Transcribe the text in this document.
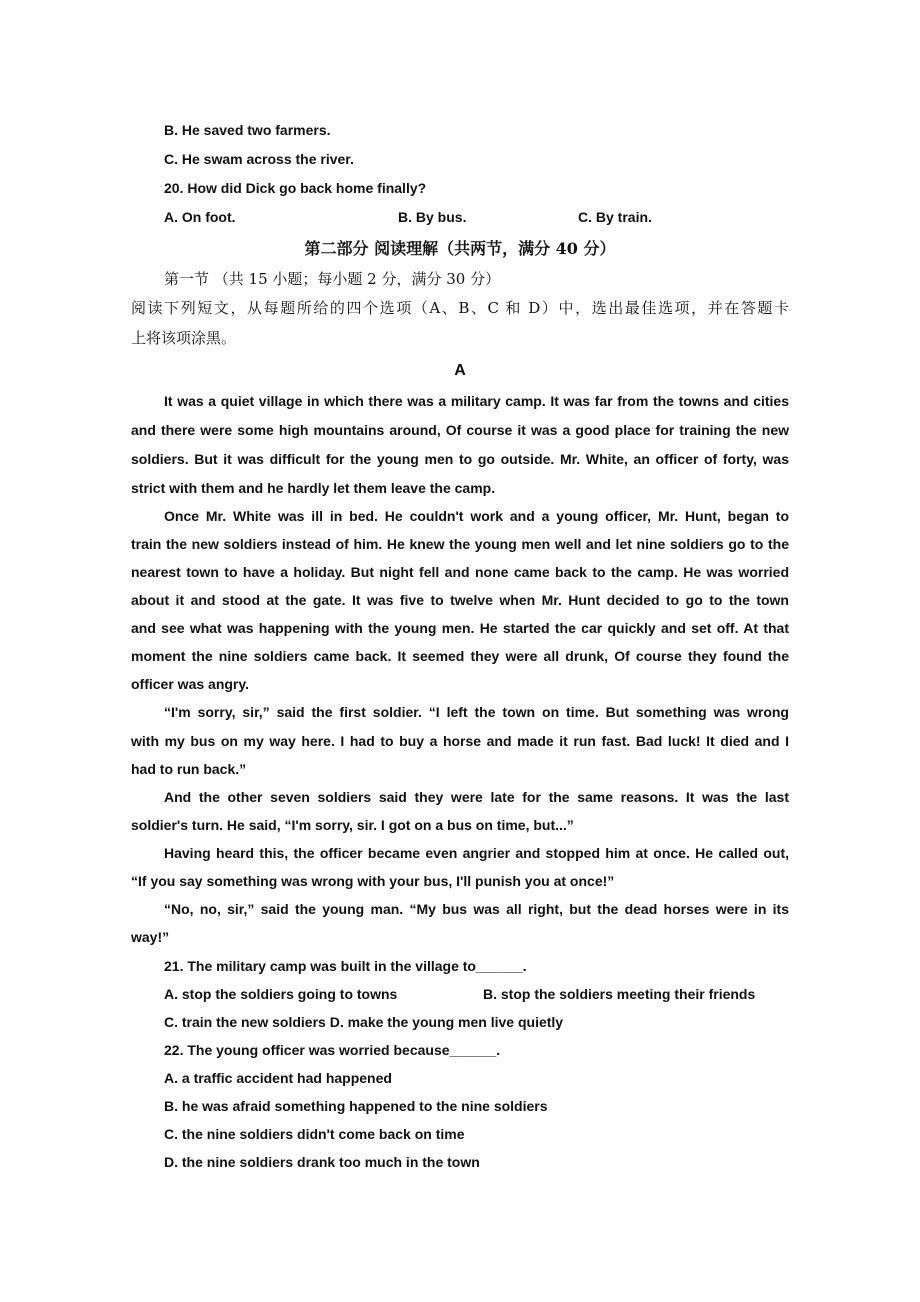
B. He saved two farmers.
C. He swam across the river.
20. How did Dick go back home finally?
A. On foot.	B. By bus.	C. By train.
第二部分 阅读理解（共两节，满分 40 分）
第一节 （共 15 小题；每小题 2 分，满分 30 分）
阅读下列短文，从每题所给的四个选项（A、B、C 和 D）中，选出最佳选项，并在答题卡
上将该项涂黑。
A
It was a quiet village in which there was a military camp. It was far from the towns and cities
and there were some high mountains around, Of course it was a good place for training the new
soldiers. But it was difficult for the young men to go outside. Mr. White, an officer of forty, was
strict with them and he hardly let them leave the camp.
Once Mr. White was ill in bed. He couldn't work and a young officer, Mr. Hunt, began to
train the new soldiers instead of him. He knew the young men well and let nine soldiers go to the
nearest town to have a holiday. But night fell and none came back to the camp. He was worried
about it and stood at the gate. It was five to twelve when Mr. Hunt decided to go to the town
and see what was happening with the young men. He started the car quickly and set off. At that
moment the nine soldiers came back. It seemed they were all drunk, Of course they found the
officer was angry.
“I'm sorry, sir,” said the first soldier. “I left the town on time. But something was wrong
with my bus on my way here. I had to buy a horse and made it run fast. Bad luck! It died and I
had to run back.”
And the other seven soldiers said they were late for the same reasons. It was the last
soldier's turn. He said, “I'm sorry, sir. I got on a bus on time, but...”
Having heard this, the officer became even angrier and stopped him at once. He called out,
“If you say something was wrong with your bus, I'll punish you at once!”
“No, no, sir,” said the young man. “My bus was all right, but the dead horses were in its
way!”
21. The military camp was built in the village to______.
A. stop the soldiers going to towns	B. stop the soldiers meeting their friends
C. train the new soldiers D. make the young men live quietly
22. The young officer was worried because______.
A. a traffic accident had happened
B. he was afraid something happened to the nine soldiers
C. the nine soldiers didn't come back on time
D. the nine soldiers drank too much in the town
